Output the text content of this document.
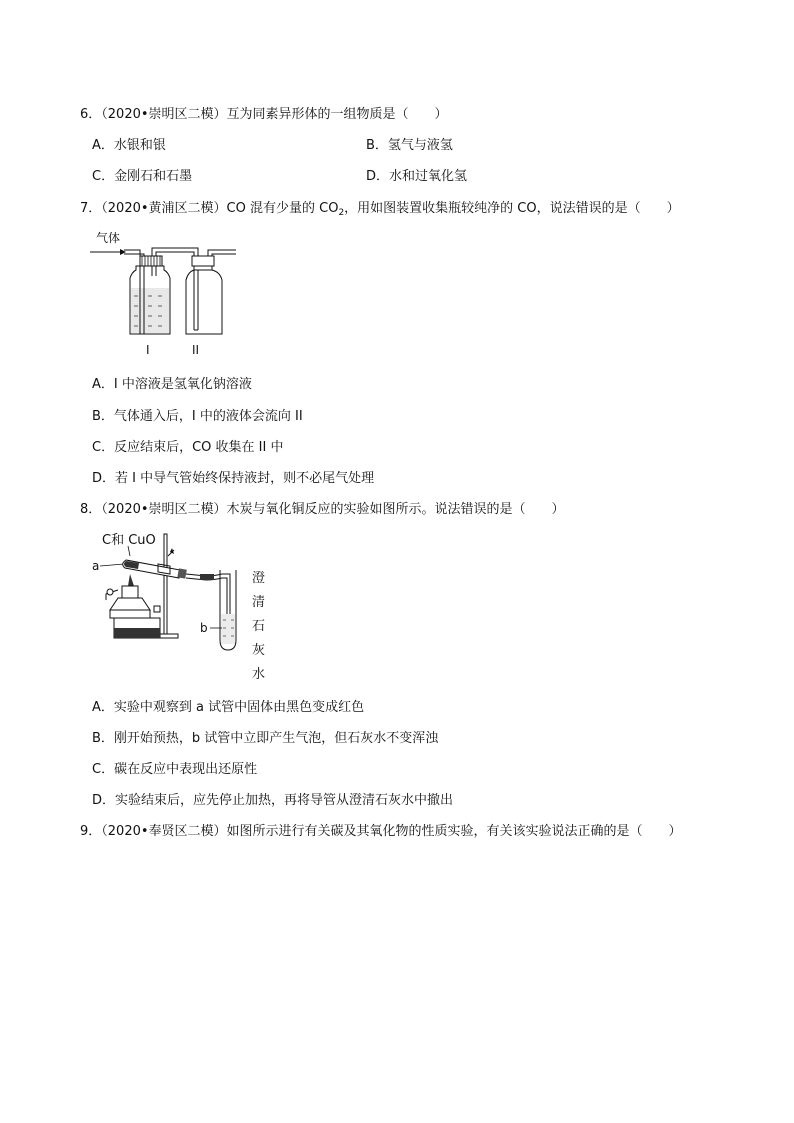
6．（2020•崇明区二模）互为同素异形体的一组物质是（　　）
A．水银和银	B．氢气与液氢
C．金刚石和石墨	D．水和过氧化氢
7．（2020•黄浦区二模）CO 混有少量的 $CO_2$，用如图装置收集瓶较纯净的 CO，说法错误的是（　　）
气体
I	II
A．I 中溶液是氢氧化钠溶液
B．气体通入后，I 中的液体会流向 II
C．反应结束后，CO 收集在 II 中
D．若 I 中导气管始终保持液封，则不必尾气处理
8．（2020•崇明区二模）木炭与氧化铜反应的实验如图所示。说法错误的是（　　）
C和 CuO
a
b
澄
清
石
灰
水
A．实验中观察到 a 试管中固体由黑色变成红色
B．刚开始预热，b 试管中立即产生气泡，但石灰水不变浑浊
C．碳在反应中表现出还原性
D．实验结束后，应先停止加热，再将导管从澄清石灰水中撤出
9．（2020•奉贤区二模）如图所示进行有关碳及其氧化物的性质实验，有关该实验说法正确的是（　　）
